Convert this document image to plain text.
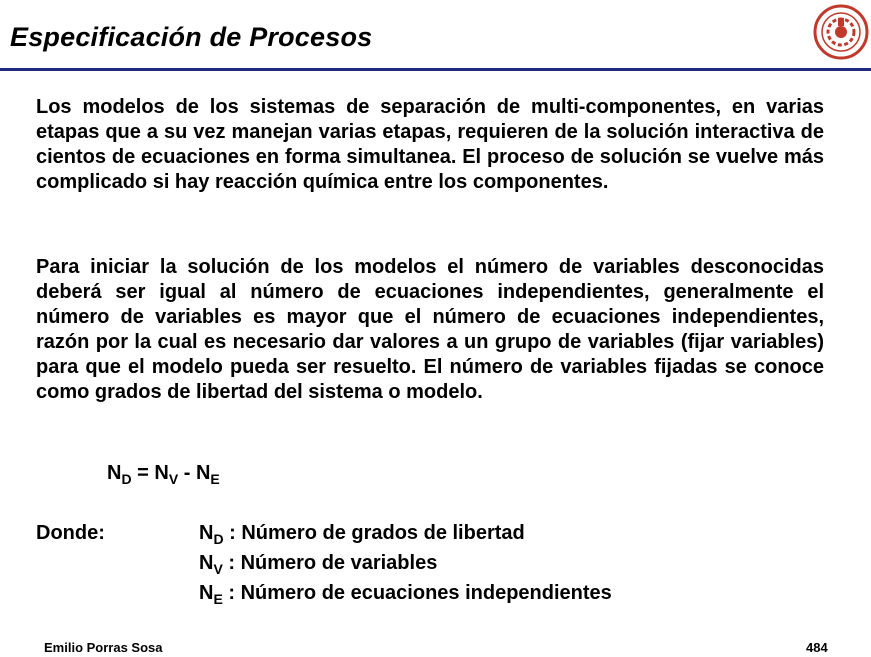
Especificación de Procesos

Los modelos de los sistemas de separación de multi-componentes, en varias etapas que a su vez manejan varias etapas, requieren de la solución interactiva de cientos de ecuaciones en forma simultanea. El proceso de solución se vuelve más complicado si hay reacción química entre los componentes.

Para iniciar la solución de los modelos el número de variables desconocidas deberá ser igual al número de ecuaciones independientes, generalmente el número de variables es mayor que el número de ecuaciones independientes, razón por la cual es necesario dar valores a un grupo de variables (fijar variables) para que el modelo pueda ser resuelto. El número de variables fijadas se conoce como grados de libertad del sistema o modelo.

$N_D = N_V - N_E$
Donde:	$N_D$ : Número de grados de libertad
$N_V$ : Número de variables
$N_E$ : Número de ecuaciones independientes
Emilio Porras Sosa	484
